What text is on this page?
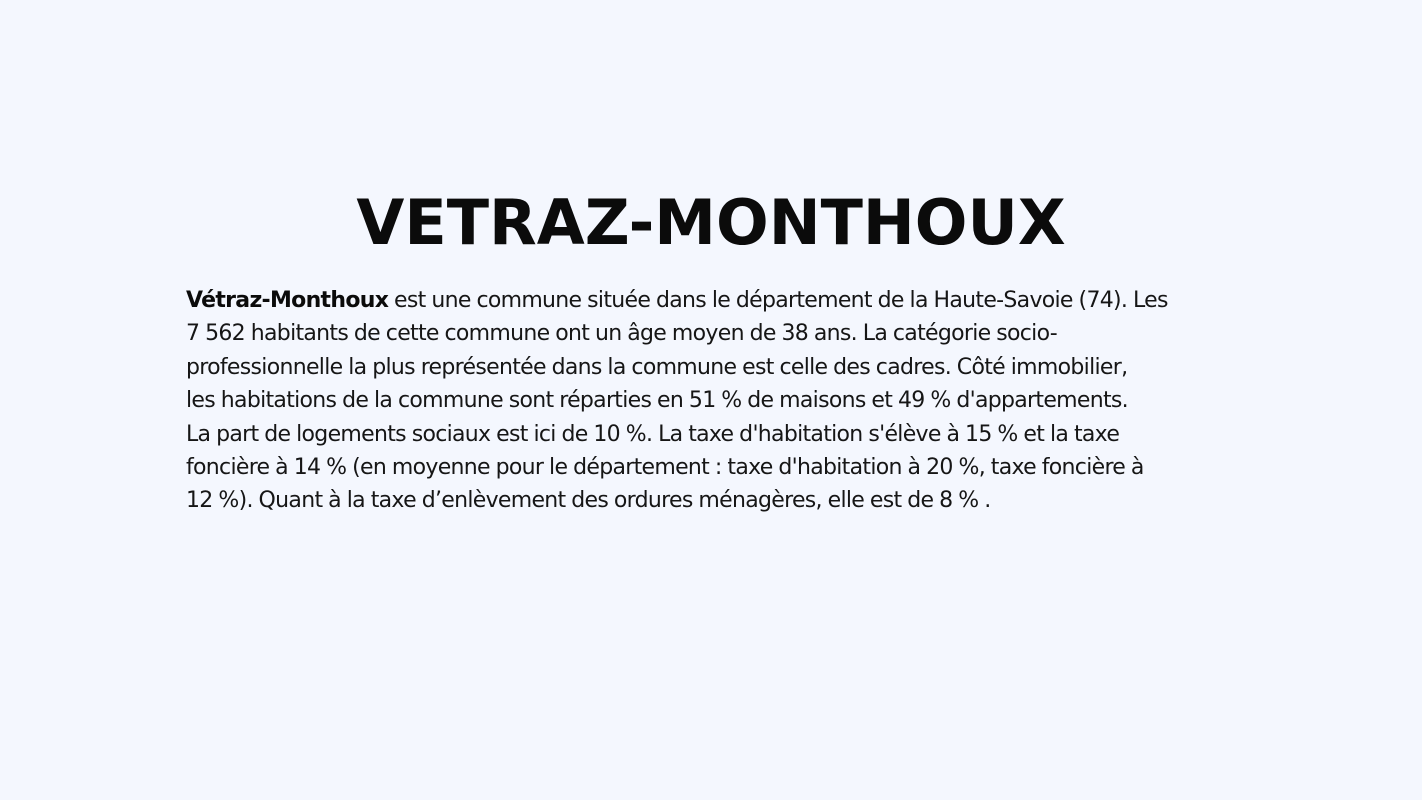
VETRAZ-MONTHOUX

Vétraz-Monthoux est une commune située dans le département de la Haute-Savoie (74). Les
7 562 habitants de cette commune ont un âge moyen de 38 ans. La catégorie socio-
professionnelle la plus représentée dans la commune est celle des cadres. Côté immobilier,
les habitations de la commune sont réparties en 51 % de maisons et 49 % d'appartements.
La part de logements sociaux est ici de 10 %. La taxe d'habitation s'élève à 15 % et la taxe
foncière à 14 % (en moyenne pour le département : taxe d'habitation à 20 %, taxe foncière à
12 %). Quant à la taxe d’enlèvement des ordures ménagères, elle est de 8 % .
